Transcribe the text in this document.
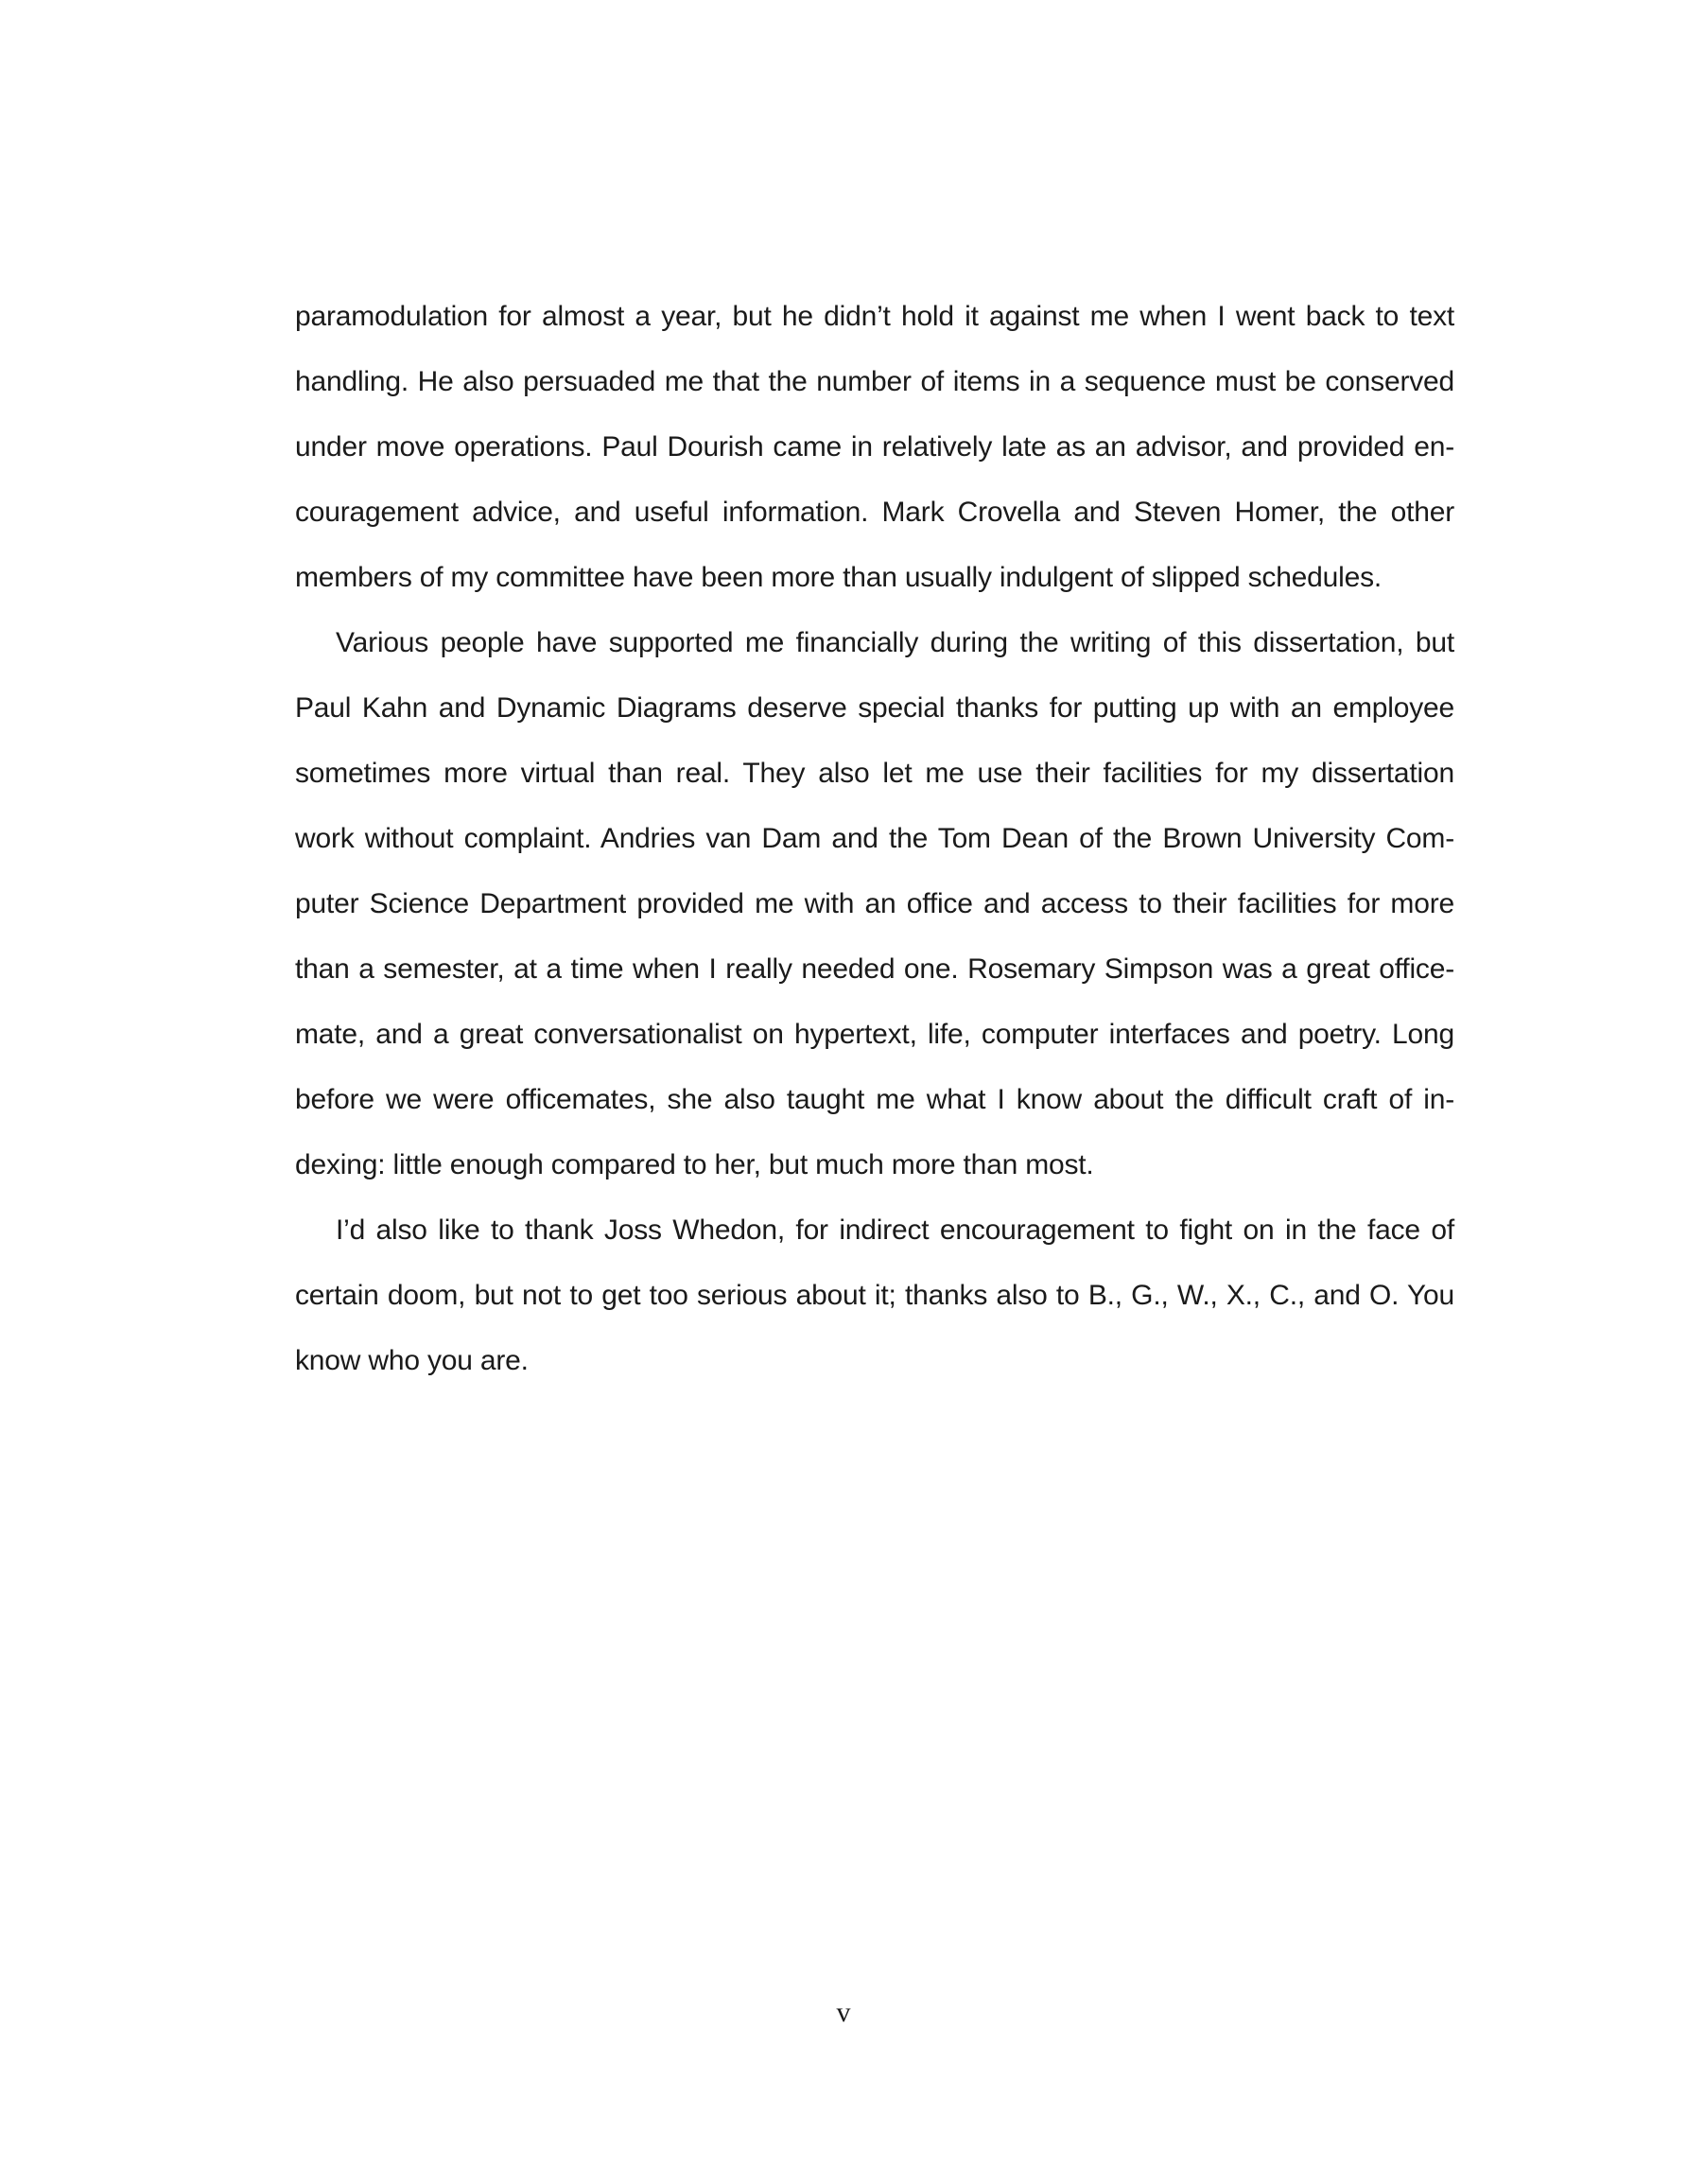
paramodulation for almost a year, but he didn’t hold it against me when I went back to text
handling. He also persuaded me that the number of items in a sequence must be conserved
under move operations. Paul Dourish came in relatively late as an advisor, and provided en-
couragement advice, and useful information. Mark Crovella and Steven Homer, the other
members of my committee have been more than usually indulgent of slipped schedules.
Various people have supported me financially during the writing of this dissertation, but
Paul Kahn and Dynamic Diagrams deserve special thanks for putting up with an employee
sometimes more virtual than real. They also let me use their facilities for my dissertation
work without complaint. Andries van Dam and the Tom Dean of the Brown University Com-
puter Science Department provided me with an office and access to their facilities for more
than a semester, at a time when I really needed one. Rosemary Simpson was a great office-
mate, and a great conversationalist on hypertext, life, computer interfaces and poetry. Long
before we were officemates, she also taught me what I know about the difficult craft of in-
dexing: little enough compared to her, but much more than most.
I’d also like to thank Joss Whedon, for indirect encouragement to fight on in the face of
certain doom, but not to get too serious about it; thanks also to B., G., W., X., C., and O. You
know who you are.
v
